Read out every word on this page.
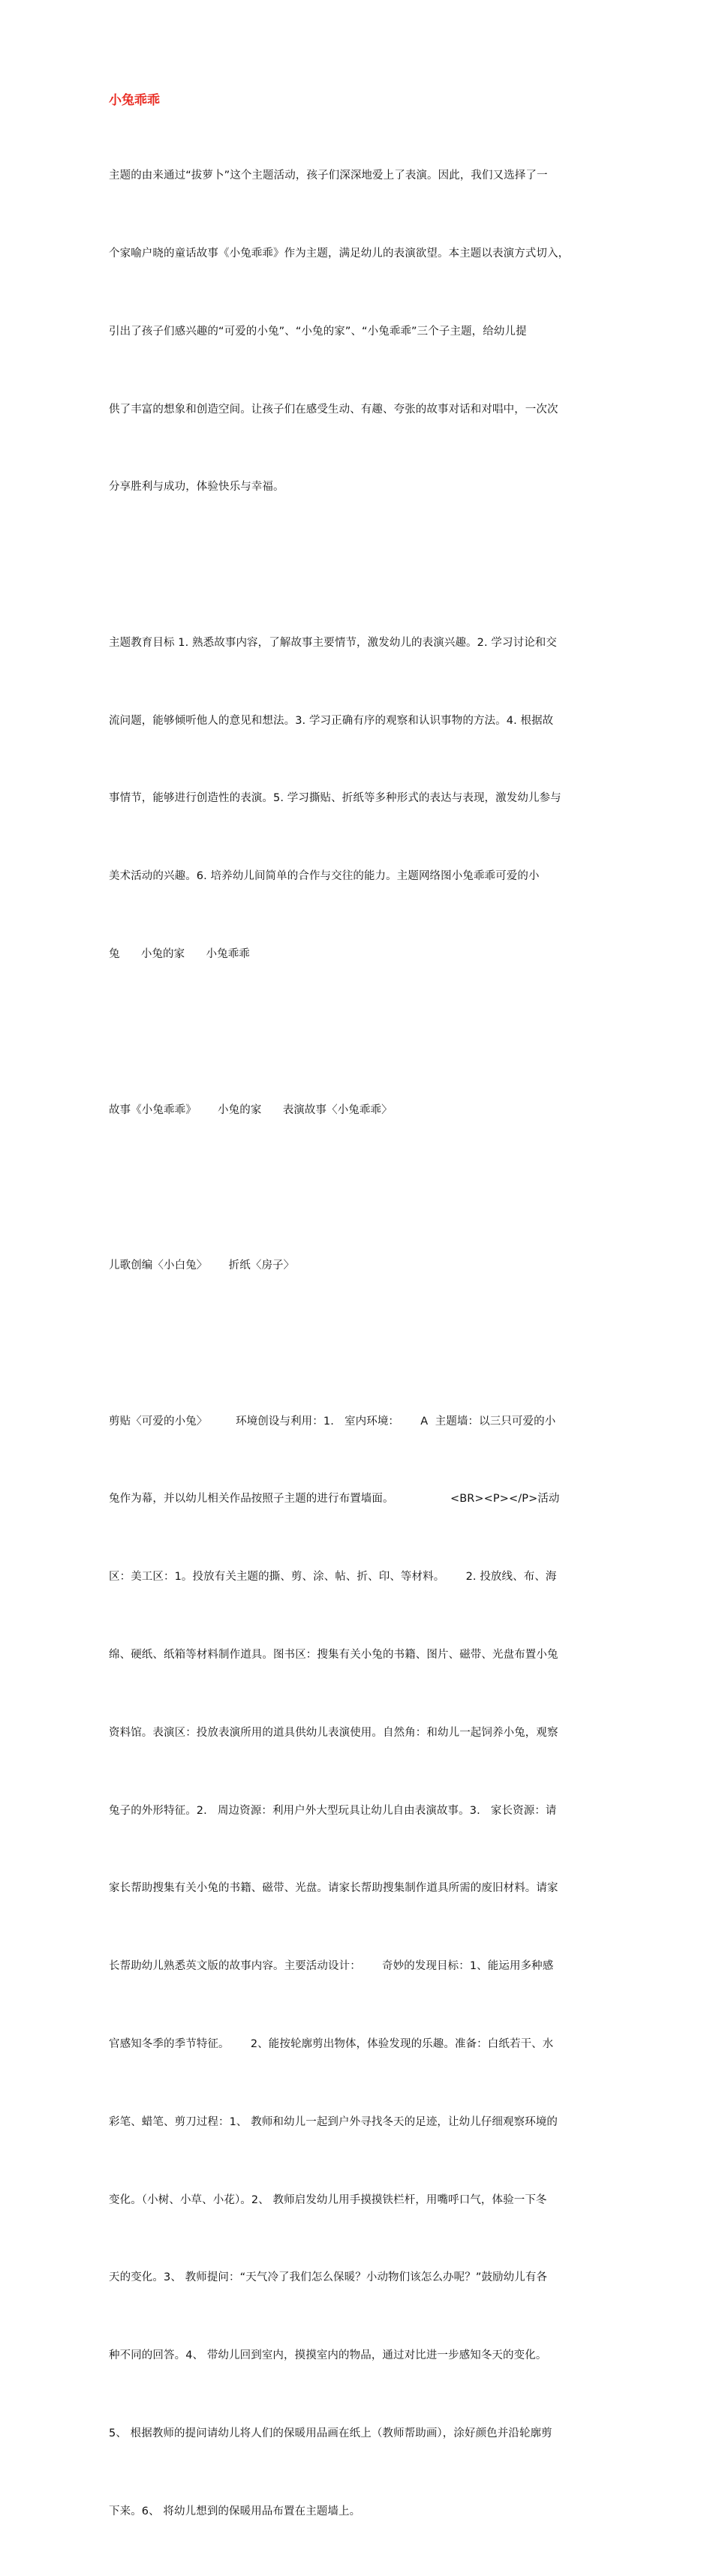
小兔乖乖

主题的由来通过“拔萝卜”这个主题活动，孩子们深深地爱上了表演。因此，我们又选择了一

个家喻户晓的童话故事《小兔乖乖》作为主题，满足幼儿的表演欲望。本主题以表演方式切入，

引出了孩子们感兴趣的“可爱的小兔”、“小兔的家”、“小兔乖乖”三个子主题，给幼儿提

供了丰富的想象和创造空间。让孩子们在感受生动、有趣、夸张的故事对话和对唱中，一次次

分享胜利与成功，体验快乐与幸福。

主题教育目标 1. 熟悉故事内容，了解故事主要情节，激发幼儿的表演兴趣。2. 学习讨论和交

流问题，能够倾听他人的意见和想法。3. 学习正确有序的观察和认识事物的方法。4. 根据故

事情节，能够进行创造性的表演。5. 学习撕贴、折纸等多种形式的表达与表现，激发幼儿参与

美术活动的兴趣。6. 培养幼儿间简单的合作与交往的能力。主题网络图小兔乖乖可爱的小

兔      小兔的家      小兔乖乖

故事《小兔乖乖》      小兔的家      表演故事〈小兔乖乖〉

儿歌创编〈小白兔〉      折纸〈房子〉

剪贴〈可爱的小兔〉        环境创设与利用：1.   室内环境：      A  主题墙：以三只可爱的小

兔作为幕，并以幼儿相关作品按照子主题的进行布置墙面。                <BR><P></P>活动

区：美工区：1。投放有关主题的撕、剪、涂、帖、折、印、等材料。      2. 投放线、布、海

绵、硬纸、纸箱等材料制作道具。图书区：搜集有关小兔的书籍、图片、磁带、光盘布置小兔

资料馆。表演区：投放表演所用的道具供幼儿表演使用。自然角：和幼儿一起饲养小兔，观察

兔子的外形特征。2.   周边资源：利用户外大型玩具让幼儿自由表演故事。3.   家长资源：请

家长帮助搜集有关小兔的书籍、磁带、光盘。请家长帮助搜集制作道具所需的废旧材料。请家

长帮助幼儿熟悉英文版的故事内容。主要活动设计：      奇妙的发现目标：1、能运用多种感

官感知冬季的季节特征。      2、能按轮廓剪出物体，体验发现的乐趣。准备：白纸若干、水

彩笔、蜡笔、剪刀过程：1、 教师和幼儿一起到户外寻找冬天的足迹，让幼儿仔细观察环境的

变化。（小树、小草、小花）。2、 教师启发幼儿用手摸摸铁栏杆，用嘴呼口气，体验一下冬

天的变化。3、 教师提问：“天气冷了我们怎么保暖？小动物们该怎么办呢？”鼓励幼儿有各

种不同的回答。4、 带幼儿回到室内，摸摸室内的物品，通过对比进一步感知冬天的变化。

5、 根据教师的提问请幼儿将人们的保暖用品画在纸上（教师帮助画），涂好颜色并沿轮廓剪

下来。6、 将幼儿想到的保暖用品布置在主题墙上。
